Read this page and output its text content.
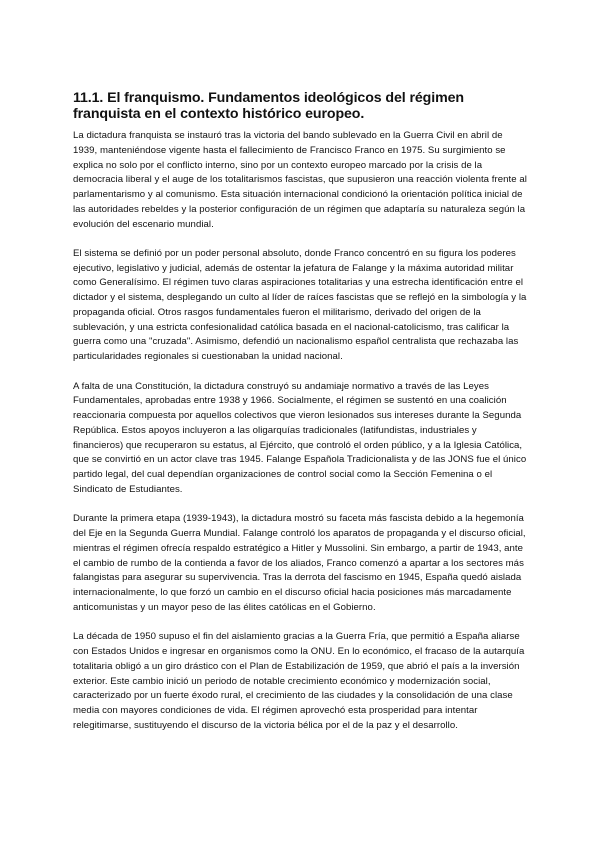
11.1. El franquismo. Fundamentos ideológicos del régimen franquista en el contexto histórico europeo.

La dictadura franquista se instauró tras la victoria del bando sublevado en la Guerra Civil en abril de 1939, manteniéndose vigente hasta el fallecimiento de Francisco Franco en 1975. Su surgimiento se explica no solo por el conflicto interno, sino por un contexto europeo marcado por la crisis de la democracia liberal y el auge de los totalitarismos fascistas, que supusieron una reacción violenta frente al parlamentarismo y al comunismo. Esta situación internacional condicionó la orientación política inicial de las autoridades rebeldes y la posterior configuración de un régimen que adaptaría su naturaleza según la evolución del escenario mundial.

El sistema se definió por un poder personal absoluto, donde Franco concentró en su figura los poderes ejecutivo, legislativo y judicial, además de ostentar la jefatura de Falange y la máxima autoridad militar como Generalísimo. El régimen tuvo claras aspiraciones totalitarias y una estrecha identificación entre el dictador y el sistema, desplegando un culto al líder de raíces fascistas que se reflejó en la simbología y la propaganda oficial. Otros rasgos fundamentales fueron el militarismo, derivado del origen de la sublevación, y una estricta confesionalidad católica basada en el nacional-catolicismo, tras calificar la guerra como una "cruzada". Asimismo, defendió un nacionalismo español centralista que rechazaba las particularidades regionales si cuestionaban la unidad nacional.

A falta de una Constitución, la dictadura construyó su andamiaje normativo a través de las Leyes Fundamentales, aprobadas entre 1938 y 1966. Socialmente, el régimen se sustentó en una coalición reaccionaria compuesta por aquellos colectivos que vieron lesionados sus intereses durante la Segunda República. Estos apoyos incluyeron a las oligarquías tradicionales (latifundistas, industriales y financieros) que recuperaron su estatus, al Ejército, que controló el orden público, y a la Iglesia Católica, que se convirtió en un actor clave tras 1945. Falange Española Tradicionalista y de las JONS fue el único partido legal, del cual dependían organizaciones de control social como la Sección Femenina o el Sindicato de Estudiantes.

Durante la primera etapa (1939-1943), la dictadura mostró su faceta más fascista debido a la hegemonía del Eje en la Segunda Guerra Mundial. Falange controló los aparatos de propaganda y el discurso oficial, mientras el régimen ofrecía respaldo estratégico a Hitler y Mussolini. Sin embargo, a partir de 1943, ante el cambio de rumbo de la contienda a favor de los aliados, Franco comenzó a apartar a los sectores más falangistas para asegurar su supervivencia. Tras la derrota del fascismo en 1945, España quedó aislada internacionalmente, lo que forzó un cambio en el discurso oficial hacia posiciones más marcadamente anticomunistas y un mayor peso de las élites católicas en el Gobierno.

La década de 1950 supuso el fin del aislamiento gracias a la Guerra Fría, que permitió a España aliarse con Estados Unidos e ingresar en organismos como la ONU. En lo económico, el fracaso de la autarquía totalitaria obligó a un giro drástico con el Plan de Estabilización de 1959, que abrió el país a la inversión exterior. Este cambio inició un periodo de notable crecimiento económico y modernización social, caracterizado por un fuerte éxodo rural, el crecimiento de las ciudades y la consolidación de una clase media con mayores condiciones de vida. El régimen aprovechó esta prosperidad para intentar relegitimarse, sustituyendo el discurso de la victoria bélica por el de la paz y el desarrollo.
